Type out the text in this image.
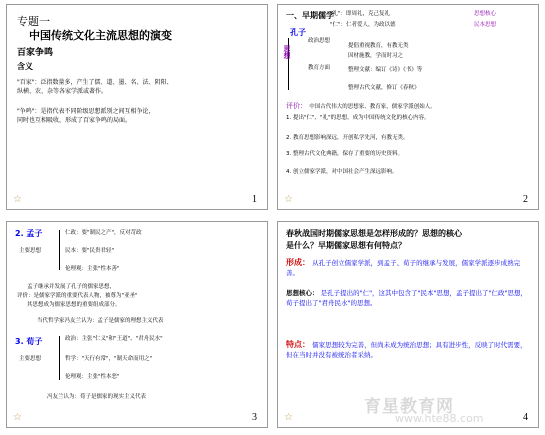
专题一
中国传统文化主流思想的演变
百家争鸣
含义
"百家"：泛指数量多，产生了儒、道、墨、名、法、阴阳、
纵横、农、杂等各家学派或著作。
"争鸣"：是指代表不同阶级思想派别之间互相争论，
同时也互相吸收，形成了百家争鸣的局面。
☆	1
一、早期儒学
"礼"：即周礼，克己复礼	思想核心
"仁"：仁者爱人，为政以德	民本思想
孔子
思想
政治思想
教育方面
提倡重视教育，有教无类
因材施教，学而时习之
整理文献：编订《诗》《书》等
整理古代文献，修订《春秋》
评价： 中国古代伟大的思想家、教育家，儒家学派创始人。
1. 提出"仁"、"礼"的思想，成为中国传统文化的核心内容。
2. 教育思想影响深远，开创私学先河，有教无类。
3. 整理古代文化典籍，保存了重要的历史资料。
4. 创立儒家学派，对中国社会产生深远影响。
☆	2
2. 孟子
主要思想
仁政：要"制民之产"，反对苛政
民本：要"民贵君轻"
伦理观：主张"性本善"
孟子继承并发展了孔子的儒家思想，
评价：是儒家学派的重要代表人物，被尊为"亚圣"
其思想成为儒家思想的重要组成部分。
当代哲学家冯友兰认为：孟子是儒家的理想主义代表
3. 荀子
主要思想
政治：主张"仁义"和"王道"、"君舟民水"
哲学："天行有常"，"制天命而用之"
伦理观：主张"性本恶"
冯友兰认为：荀子是儒家的现实主义代表
☆	3
春秋战国时期儒家思想是怎样形成的？思想的核心
是什么？早期儒家思想有何特点？
形成： 从孔子创立儒家学派，到孟子、荀子的继承与发展，儒家学派逐步成熟完善。
思想核心： 是孔子提出的"仁"，这其中包含了"民本"思想，孟子提出了"仁政"思想，荀子提出了"君舟民水"的思想。
特点： 儒家思想较为完善，但尚未成为统治思想；具有进步性，反映了时代需要，但在当时并没有被统治者采纳。
☆	4
育星教育网
www.hte88.com
